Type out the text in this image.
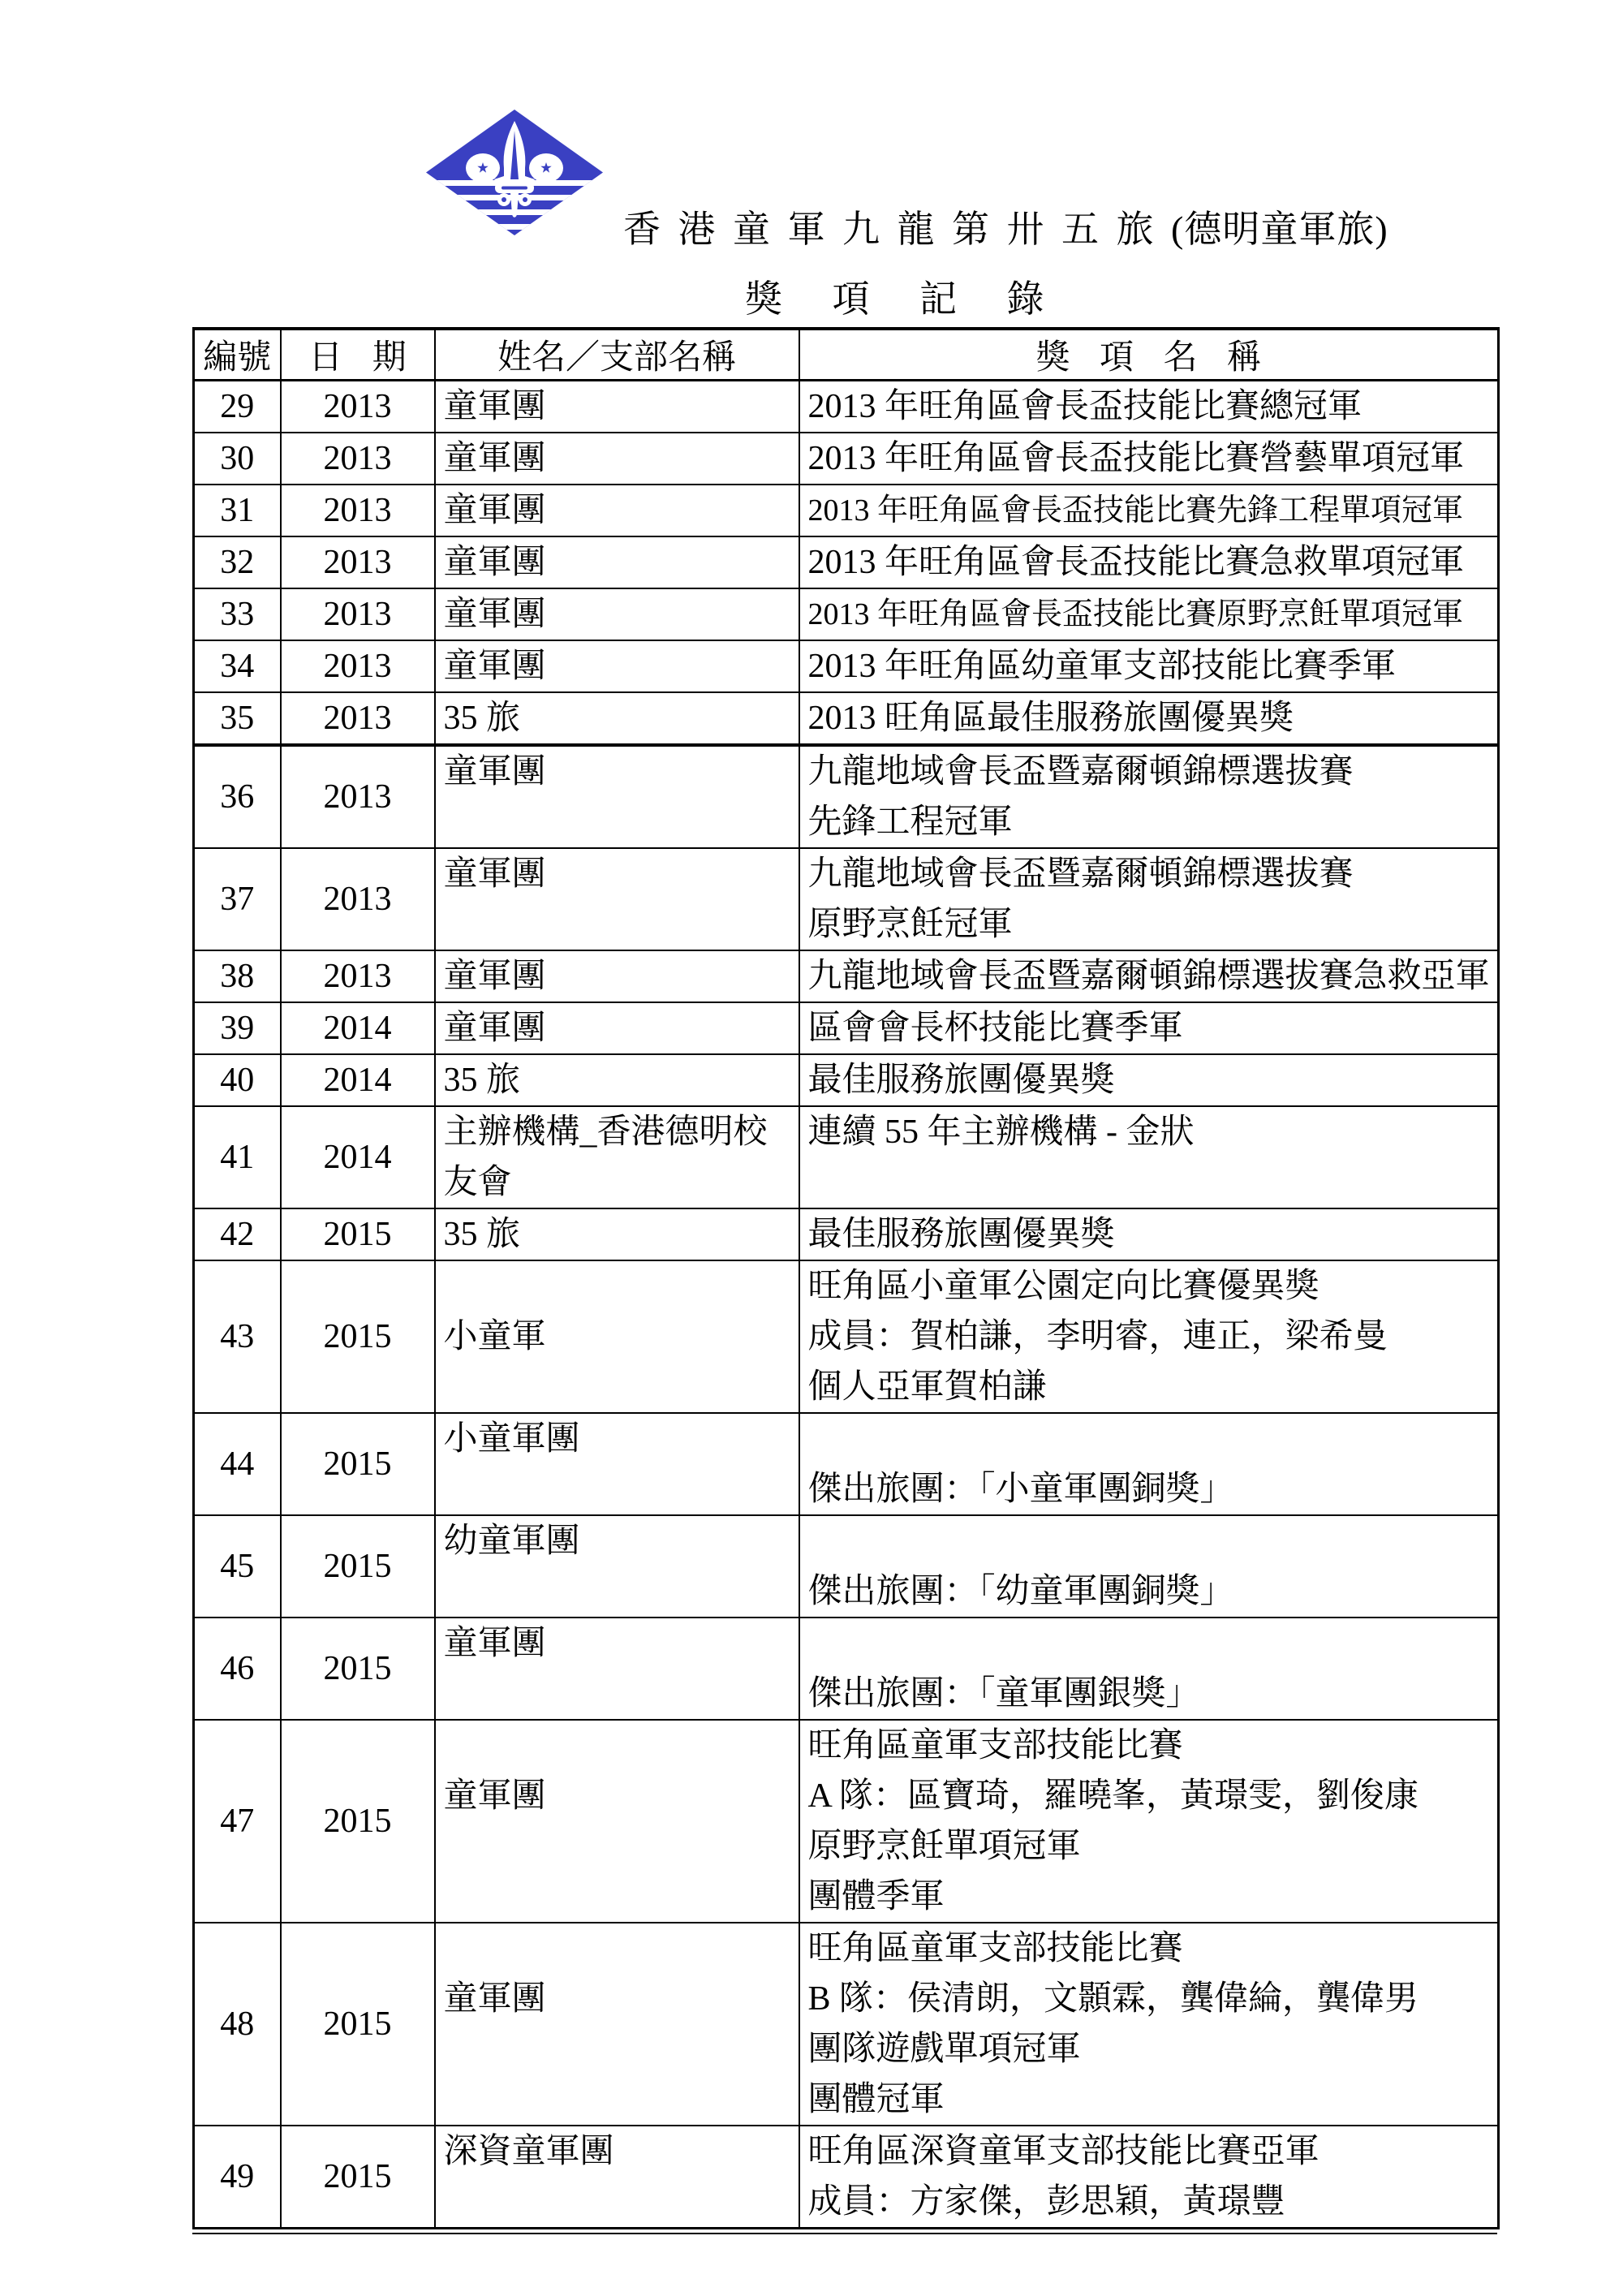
香 港 童 軍 九 龍 第 卅 五 旅 (德明童軍旅)
獎 項 記 錄
編號	日 期	姓名／支部名稱	獎 項 名 稱
29	2013	童軍團	2013 年旺角區會長盃技能比賽總冠軍

30	2013	童軍團	2013 年旺角區會長盃技能比賽營藝單項冠軍

31	2013	童軍團	2013 年旺角區會長盃技能比賽先鋒工程單項冠軍

32	2013	童軍團	2013 年旺角區會長盃技能比賽急救單項冠軍

33	2013	童軍團	2013 年旺角區會長盃技能比賽原野烹飪單項冠軍

34	2013	童軍團	2013 年旺角區幼童軍支部技能比賽季軍

35	2013	35 旅	2013 旺角區最佳服務旅團優異獎

36	2013	童軍團	九龍地域會長盃暨嘉爾頓錦標選拔賽
先鋒工程冠軍

37	2013	童軍團	九龍地域會長盃暨嘉爾頓錦標選拔賽
原野烹飪冠軍

38	2013	童軍團	九龍地域會長盃暨嘉爾頓錦標選拔賽急救亞軍

39	2014	童軍團	區會會長杯技能比賽季軍

40	2014	35 旅	最佳服務旅團優異獎

41	2014	主辦機構_香港德明校友會	連續 55 年主辦機構 - 金狀

42	2015	35 旅	最佳服務旅團優異獎

43	2015	小童軍	旺角區小童軍公園定向比賽優異獎
成員：賀柏謙，李明睿，連正，梁希曼
個人亞軍賀柏謙

44	2015	小童軍團	傑出旅團：「小童軍團銅獎」

45	2015	幼童軍團	傑出旅團：「幼童軍團銅獎」

46	2015	童軍團	傑出旅團：「童軍團銀獎」

47	2015	童軍團	旺角區童軍支部技能比賽
A 隊：區寶琦，羅曉峯，黃璟雯，劉俊康
原野烹飪單項冠軍
團體季軍

48	2015	童軍團	旺角區童軍支部技能比賽
B 隊：侯清朗，文顥霖，龔偉綸，龔偉男
團隊遊戲單項冠軍
團體冠軍

49	2015	深資童軍團	旺角區深資童軍支部技能比賽亞軍
成員：方家傑，彭思穎，黃璟豐
